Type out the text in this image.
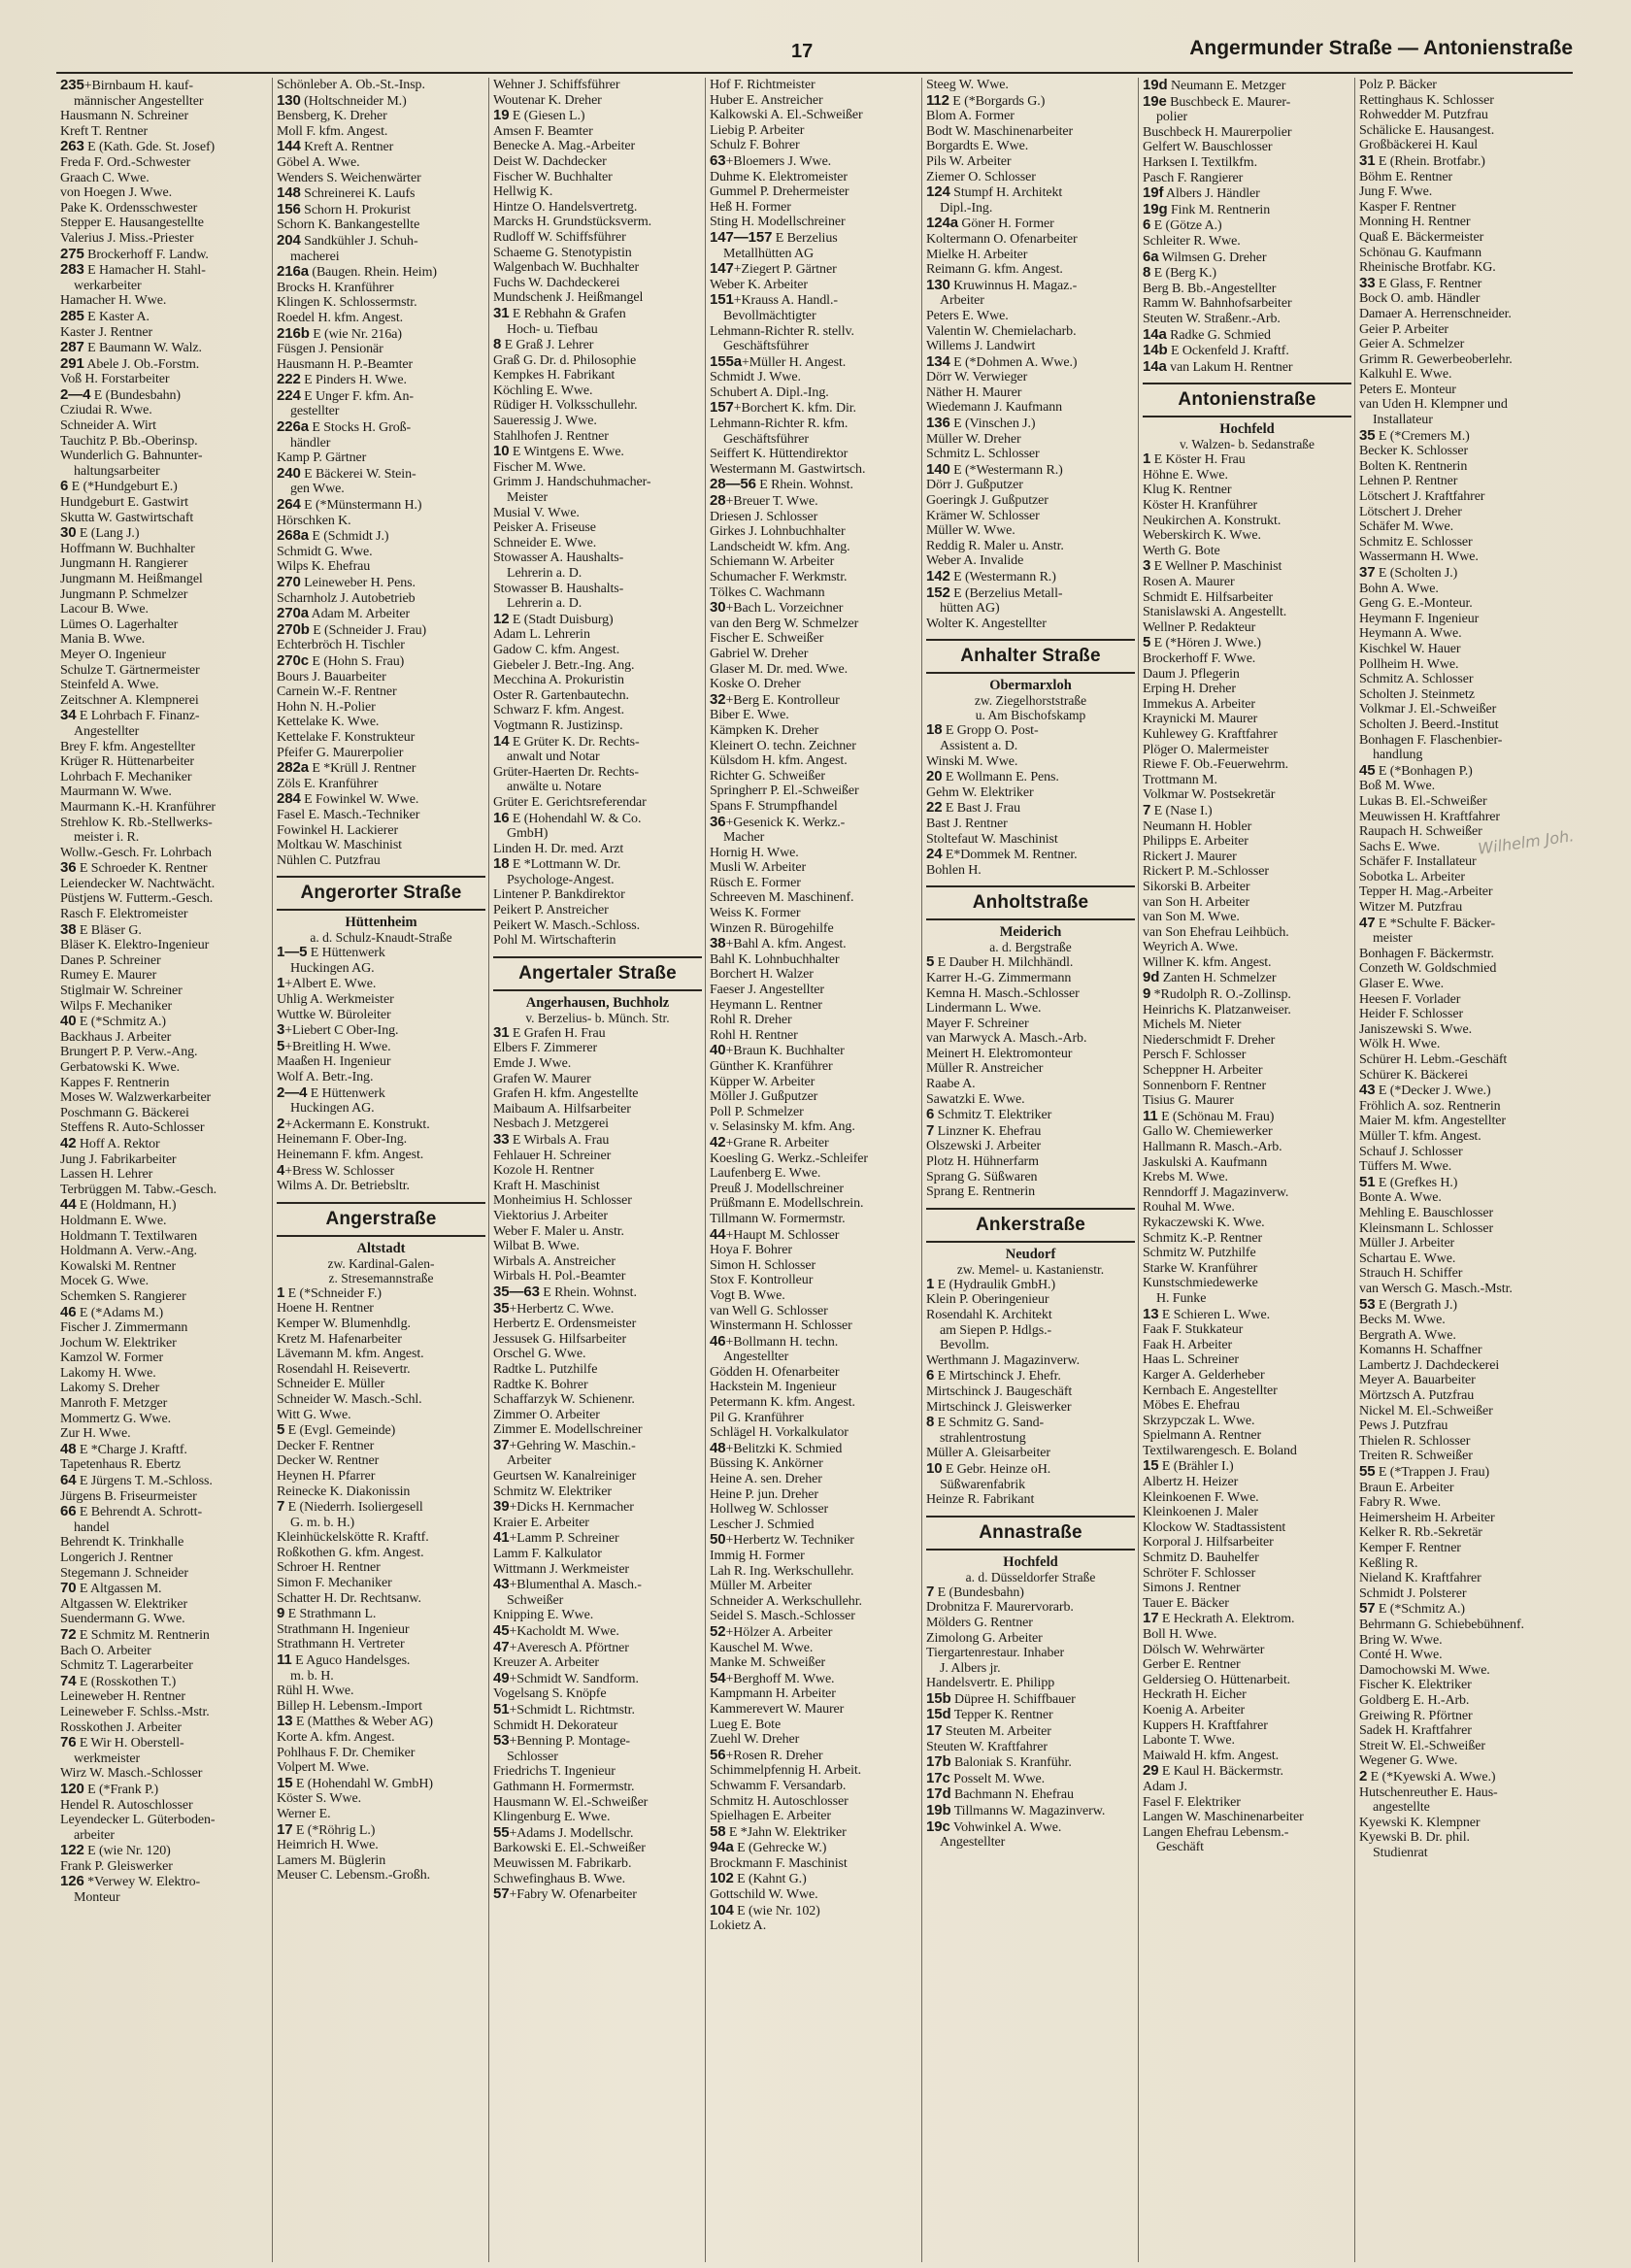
17	Angermunder Straße — Antonienstraße
235+Birnbaum H. kauf-
männischer Angestellter
Hausmann N. Schreiner
Kreft T. Rentner
263 E (Kath. Gde. St. Josef)
Freda F. Ord.-Schwester
Graach C. Wwe.
von Hoegen J. Wwe.
Pake K. Ordensschwester
Stepper E. Hausangestellte
Valerius J. Miss.-Priester
275 Brockerhoff F. Landw.
283 E Hamacher H. Stahl-
werkarbeiter
Hamacher H. Wwe.
285 E Kaster A.
Kaster J. Rentner
287 E Baumann W. Walz.
291 Abele J. Ob.-Forstm.
Voß H. Forstarbeiter
2—4 E (Bundesbahn)
Cziudai R. Wwe.
Schneider A. Wirt
Tauchitz P. Bb.-Oberinsp.
Wunderlich G. Bahnunter-
haltungsarbeiter
6 E (*Hundgeburt E.)
Hundgeburt E. Gastwirt
Skutta W. Gastwirtschaft
30 E (Lang J.)
Hoffmann W. Buchhalter
Jungmann H. Rangierer
Jungmann M. Heißmangel
Jungmann P. Schmelzer
Lacour B. Wwe.
Lümes O. Lagerhalter
Mania B. Wwe.
Meyer O. Ingenieur
Schulze T. Gärtnermeister
Steinfeld A. Wwe.
Zeitschner A. Klempnerei
34 E Lohrbach F. Finanz-
Angestellter
Brey F. kfm. Angestellter
Krüger R. Hüttenarbeiter
Lohrbach F. Mechaniker
Maurmann W. Wwe.
Maurmann K.-H. Kranführer
Strehlow K. Rb.-Stellwerks-
meister i. R.
Wollw.-Gesch. Fr. Lohrbach
36 E Schroeder K. Rentner
Leiendecker W. Nachtwächt.
Püstjens W. Futterm.-Gesch.
Rasch F. Elektromeister
38 E Bläser G.
Bläser K. Elektro-Ingenieur
Danes P. Schreiner
Rumey E. Maurer
Stiglmair W. Schreiner
Wilps F. Mechaniker
40 E (*Schmitz A.)
Backhaus J. Arbeiter
Brungert P. P. Verw.-Ang.
Gerbatowski K. Wwe.
Kappes F. Rentnerin
Moses W. Walzwerkarbeiter
Poschmann G. Bäckerei
Steffens R. Auto-Schlosser
42 Hoff A. Rektor
Jung J. Fabrikarbeiter
Lassen H. Lehrer
Terbrüggen M. Tabw.-Gesch.
44 E (Holdmann, H.)
Holdmann E. Wwe.
Holdmann T. Textilwaren
Holdmann A. Verw.-Ang.
Kowalski M. Rentner
Mocek G. Wwe.
Schemken S. Rangierer
46 E (*Adams M.)
Fischer J. Zimmermann
Jochum W. Elektriker
Kamzol W. Former
Lakomy H. Wwe.
Lakomy S. Dreher
Manroth F. Metzger
Mommertz G. Wwe.
Zur H. Wwe.
48 E *Charge J. Kraftf.
Tapetenhaus R. Ebertz
64 E Jürgens T. M.-Schloss.
Jürgens B. Friseurmeister
66 E Behrendt A. Schrott-
handel
Behrendt K. Trinkhalle
Longerich J. Rentner
Stegemann J. Schneider
70 E Altgassen M.
Altgassen W. Elektriker
Suendermann G. Wwe.
72 E Schmitz M. Rentnerin
Bach O. Arbeiter
Schmitz T. Lagerarbeiter
74 E (Rosskothen T.)
Leineweber H. Rentner
Leineweber F. Schlss.-Mstr.
Rosskothen J. Arbeiter
76 E Wir H. Oberstell-
werkmeister
Wirz W. Masch.-Schlosser
120 E (*Frank P.)
Hendel R. Autoschlosser
Leyendecker L. Güterboden-
arbeiter
122 E (wie Nr. 120)
Frank P. Gleiswerker
126 *Verwey W. Elektro-
Monteur
Schönleber A. Ob.-St.-Insp.
130 (Holtschneider M.)
Bensberg, K. Dreher
Moll F. kfm. Angest.
144 Kreft A. Rentner
Göbel A. Wwe.
Wenders S. Weichenwärter
148 Schreinerei K. Laufs
156 Schorn H. Prokurist
Schorn K. Bankangestellte
204 Sandkühler J. Schuh-
macherei
216a (Baugen. Rhein. Heim)
Brocks H. Kranführer
Klingen K. Schlossermstr.
Roedel H. kfm. Angest.
216b E (wie Nr. 216a)
Füsgen J. Pensionär
Hausmann H. P.-Beamter
222 E Pinders H. Wwe.
224 E Unger F. kfm. An-
gestellter
226a E Stocks H. Groß-
händler
Kamp P. Gärtner
240 E Bäckerei W. Stein-
gen Wwe.
264 E (*Münstermann H.)
Hörschken K.
268a E (Schmidt J.)
Schmidt G. Wwe.
Wilps K. Ehefrau
270 Leineweber H. Pens.
Scharnholz J. Autobetrieb
270a Adam M. Arbeiter
270b E (Schneider J. Frau)
Echterbröch H. Tischler
270c E (Hohn S. Frau)
Bours J. Bauarbeiter
Carnein W.-F. Rentner
Hohn N. H.-Polier
Kettelake K. Wwe.
Kettelake F. Konstrukteur
Pfeifer G. Maurerpolier
282a E *Krüll J. Rentner
Zöls E. Kranführer
284 E Fowinkel W. Wwe.
Fasel E. Masch.-Techniker
Fowinkel H. Lackierer
Moltkau W. Maschinist
Nühlen C. Putzfrau
Angerorter Straße
Hüttenheim
a. d. Schulz-Knaudt-Straße
1—5 E Hüttenwerk
Huckingen AG.
1+Albert E. Wwe.
Uhlig A. Werkmeister
Wuttke W. Büroleiter
3+Liebert C Ober-Ing.
5+Breitling H. Wwe.
Maaßen H. Ingenieur
Wolf A. Betr.-Ing.
2—4 E Hüttenwerk
Huckingen AG.
2+Ackermann E. Konstrukt.
Heinemann F. Ober-Ing.
Heinemann F. kfm. Angest.
4+Bress W. Schlosser
Wilms A. Dr. Betriebsltr.
Angerstraße
Altstadt
zw. Kardinal-Galen-
z. Stresemannstraße
1 E (*Schneider F.)
Hoene H. Rentner
Kemper W. Blumenhdlg.
Kretz M. Hafenarbeiter
Lävemann M. kfm. Angest.
Rosendahl H. Reisevertr.
Schneider E. Müller
Schneider W. Masch.-Schl.
Witt G. Wwe.
5 E (Evgl. Gemeinde)
Decker F. Rentner
Decker W. Rentner
Heynen H. Pfarrer
Reinecke K. Diakonissin
7 E (Niederrh. Isoliergesell
G. m. b. H.)
Kleinhückelskötte R. Kraftf.
Roßkothen G. kfm. Angest.
Schroer H. Rentner
Simon F. Mechaniker
Schatter H. Dr. Rechtsanw.
9 E Strathmann L.
Strathmann H. Ingenieur
Strathmann H. Vertreter
11 E Aguco Handelsges.
m. b. H.
Rühl H. Wwe.
Billep H. Lebensm.-Import
13 E (Matthes & Weber AG)
Korte A. kfm. Angest.
Pohlhaus F. Dr. Chemiker
Volpert M. Wwe.
15 E (Hohendahl W. GmbH)
Köster S. Wwe.
Werner E.
17 E (*Röhrig L.)
Heimrich H. Wwe.
Lamers M. Büglerin
Meuser C. Lebensm.-Großh.
Wehner J. Schiffsführer
Woutenar K. Dreher
19 E (Giesen L.)
Amsen F. Beamter
Benecke A. Mag.-Arbeiter
Deist W. Dachdecker
Fischer W. Buchhalter
Hellwig K.
Hintze O. Handelsvertretg.
Marcks H. Grundstücksverm.
Rudloff W. Schiffsführer
Schaeme G. Stenotypistin
Walgenbach W. Buchhalter
Fuchs W. Dachdeckerei
Mundschenk J. Heißmangel
31 E Rebhahn & Grafen
Hoch- u. Tiefbau
8 E Graß J. Lehrer
Graß G. Dr. d. Philosophie
Kempkes H. Fabrikant
Köchling E. Wwe.
Rüdiger H. Volksschullehr.
Saueressig J. Wwe.
Stahlhofen J. Rentner
10 E Wintgens E. Wwe.
Fischer M. Wwe.
Grimm J. Handschuhmacher-
Meister
Musial V. Wwe.
Peisker A. Friseuse
Schneider E. Wwe.
Stowasser A. Haushalts-
Lehrerin a. D.
Stowasser B. Haushalts-
Lehrerin a. D.
12 E (Stadt Duisburg)
Adam L. Lehrerin
Gadow C. kfm. Angest.
Giebeler J. Betr.-Ing. Ang.
Mecchina A. Prokuristin
Oster R. Gartenbautechn.
Schwarz F. kfm. Angest.
Vogtmann R. Justizinsp.
14 E Grüter K. Dr. Rechts-
anwalt und Notar
Grüter-Haerten Dr. Rechts-
anwälte u. Notare
Grüter E. Gerichtsreferendar
16 E (Hohendahl W. & Co.
GmbH)
Linden H. Dr. med. Arzt
18 E *Lottmann W. Dr.
Psychologe-Angest.
Lintener P. Bankdirektor
Peikert P. Anstreicher
Peikert W. Masch.-Schloss.
Pohl M. Wirtschafterin
Angertaler Straße
Angerhausen, Buchholz
v. Berzelius- b. Münch. Str.
31 E Grafen H. Frau
Elbers F. Zimmerer
Emde J. Wwe.
Grafen W. Maurer
Grafen H. kfm. Angestellte
Maibaum A. Hilfsarbeiter
Nesbach J. Metzgerei
33 E Wirbals A. Frau
Fehlauer H. Schreiner
Kozole H. Rentner
Kraft H. Maschinist
Monheimius H. Schlosser
Viektorius J. Arbeiter
Weber F. Maler u. Anstr.
Wilbat B. Wwe.
Wirbals A. Anstreicher
Wirbals H. Pol.-Beamter
35—63 E Rhein. Wohnst.
35+Herbertz C. Wwe.
Herbertz E. Ordensmeister
Jessusek G. Hilfsarbeiter
Orschel G. Wwe.
Radtke L. Putzhilfe
Radtke K. Bohrer
Schaffarzyk W. Schienenr.
Zimmer O. Arbeiter
Zimmer E. Modellschreiner
37+Gehring W. Maschin.-
Arbeiter
Geurtsen W. Kanalreiniger
Schmitz W. Elektriker
39+Dicks H. Kernmacher
Kraier E. Arbeiter
41+Lamm P. Schreiner
Lamm F. Kalkulator
Wittmann J. Werkmeister
43+Blumenthal A. Masch.-
Schweißer
Knipping E. Wwe.
45+Kacholdt M. Wwe.
47+Averesch A. Pförtner
Kreuzer A. Arbeiter
49+Schmidt W. Sandform.
Vogelsang S. Knöpfe
51+Schmidt L. Richtmstr.
Schmidt H. Dekorateur
53+Benning P. Montage-
Schlosser
Friedrichs T. Ingenieur
Gathmann H. Formermstr.
Hausmann W. El.-Schweißer
Klingenburg E. Wwe.
55+Adams J. Modellschr.
Barkowski E. El.-Schweißer
Meuwissen M. Fabrikarb.
Schwefinghaus B. Wwe.
57+Fabry W. Ofenarbeiter
Hof F. Richtmeister
Huber E. Anstreicher
Kalkowski A. El.-Schweißer
Liebig P. Arbeiter
Schulz F. Bohrer
63+Bloemers J. Wwe.
Duhme K. Elektromeister
Gummel P. Drehermeister
Heß H. Former
Sting H. Modellschreiner
147—157 E Berzelius
Metallhütten AG
147+Ziegert P. Gärtner
Weber K. Arbeiter
151+Krauss A. Handl.-
Bevollmächtigter
Lehmann-Richter R. stellv.
Geschäftsführer
155a+Müller H. Angest.
Schmidt J. Wwe.
Schubert A. Dipl.-Ing.
157+Borchert K. kfm. Dir.
Lehmann-Richter R. kfm.
Geschäftsführer
Seiffert K. Hüttendirektor
Westermann M. Gastwirtsch.
28—56 E Rhein. Wohnst.
28+Breuer T. Wwe.
Driesen J. Schlosser
Girkes J. Lohnbuchhalter
Landscheidt W. kfm. Ang.
Schiemann W. Arbeiter
Schumacher F. Werkmstr.
Tölkes C. Wachmann
30+Bach L. Vorzeichner
van den Berg W. Schmelzer
Fischer E. Schweißer
Gabriel W. Dreher
Glaser M. Dr. med. Wwe.
Koske O. Dreher
32+Berg E. Kontrolleur
Biber E. Wwe.
Kämpken K. Dreher
Kleinert O. techn. Zeichner
Külsdom H. kfm. Angest.
Richter G. Schweißer
Springherr P. El.-Schweißer
Spans F. Strumpfhandel
36+Gesenick K. Werkz.-
Macher
Hornig H. Wwe.
Musli W. Arbeiter
Rüsch E. Former
Schreeven M. Maschinenf.
Weiss K. Former
Winzen R. Bürogehilfe
38+Bahl A. kfm. Angest.
Bahl K. Lohnbuchhalter
Borchert H. Walzer
Faeser J. Angestellter
Heymann L. Rentner
Rohl R. Dreher
Rohl H. Rentner
40+Braun K. Buchhalter
Günther K. Kranführer
Küpper W. Arbeiter
Möller J. Gußputzer
Poll P. Schmelzer
v. Selasinsky M. kfm. Ang.
42+Grane R. Arbeiter
Koesling G. Werkz.-Schleifer
Laufenberg E. Wwe.
Preuß J. Modellschreiner
Prüßmann E. Modellschrein.
Tillmann W. Formermstr.
44+Haupt M. Schlosser
Hoya F. Bohrer
Simon H. Schlosser
Stox F. Kontrolleur
Vogt B. Wwe.
van Well G. Schlosser
Winstermann H. Schlosser
46+Bollmann H. techn.
Angestellter
Gödden H. Ofenarbeiter
Hackstein M. Ingenieur
Petermann K. kfm. Angest.
Pil G. Kranführer
Schlägel H. Vorkalkulator
48+Belitzki K. Schmied
Büssing K. Ankörner
Heine A. sen. Dreher
Heine P. jun. Dreher
Hollweg W. Schlosser
Lescher J. Schmied
50+Herbertz W. Techniker
Immig H. Former
Lah R. Ing. Werkschullehr.
Müller M. Arbeiter
Schneider A. Werkschullehr.
Seidel S. Masch.-Schlosser
52+Hölzer A. Arbeiter
Kauschel M. Wwe.
Manke M. Schweißer
54+Berghoff M. Wwe.
Kampmann H. Arbeiter
Kammerevert W. Maurer
Lueg E. Bote
Zuehl W. Dreher
56+Rosen R. Dreher
Schimmelpfennig H. Arbeit.
Schwamm F. Versandarb.
Schmitz H. Autoschlosser
Spielhagen E. Arbeiter
58 E *Jahn W. Elektriker
94a E (Gehrecke W.)
Brockmann F. Maschinist
102 E (Kahnt G.)
Gottschild W. Wwe.
104 E (wie Nr. 102)
Lokietz A.
Steeg W. Wwe.
112 E (*Borgards G.)
Blom A. Former
Bodt W. Maschinenarbeiter
Borgardts E. Wwe.
Pils W. Arbeiter
Ziemer O. Schlosser
124 Stumpf H. Architekt
Dipl.-Ing.
124a Göner H. Former
Koltermann O. Ofenarbeiter
Mielke H. Arbeiter
Reimann G. kfm. Angest.
130 Kruwinnus H. Magaz.-
Arbeiter
Peters E. Wwe.
Valentin W. Chemielacharb.
Willems J. Landwirt
134 E (*Dohmen A. Wwe.)
Dörr W. Verwieger
Näther H. Maurer
Wiedemann J. Kaufmann
136 E (Vinschen J.)
Müller W. Dreher
Schmitz L. Schlosser
140 E (*Westermann R.)
Dörr J. Gußputzer
Goeringk J. Gußputzer
Krämer W. Schlosser
Müller W. Wwe.
Reddig R. Maler u. Anstr.
Weber A. Invalide
142 E (Westermann R.)
152 E (Berzelius Metall-
hütten AG)
Wolter K. Angestellter
Anhalter Straße
Obermarxloh
zw. Ziegelhorststraße
u. Am Bischofskamp
18 E Gropp O. Post-
Assistent a. D.
Winski M. Wwe.
20 E Wollmann E. Pens.
Gehm W. Elektriker
22 E Bast J. Frau
Bast J. Rentner
Stoltefaut W. Maschinist
24 E*Dommek M. Rentner.
Bohlen H.
Anholtstraße
Meiderich
a. d. Bergstraße
5 E Dauber H. Milchhändl.
Karrer H.-G. Zimmermann
Kemna H. Masch.-Schlosser
Lindermann L. Wwe.
Mayer F. Schreiner
van Marwyck A. Masch.-Arb.
Meinert H. Elektromonteur
Müller R. Anstreicher
Raabe A.
Sawatzki E. Wwe.
6 Schmitz T. Elektriker
7 Linzner K. Ehefrau
Olszewski J. Arbeiter
Plotz H. Hühnerfarm
Sprang G. Süßwaren
Sprang E. Rentnerin
Ankerstraße
Neudorf
zw. Memel- u. Kastanienstr.
1 E (Hydraulik GmbH.)
Klein P. Oberingenieur
Rosendahl K. Architekt
am Siepen P. Hdlgs.-
Bevollm.
Werthmann J. Magazinverw.
6 E Mirtschinck J. Ehefr.
Mirtschinck J. Baugeschäft
Mirtschinck J. Gleiswerker
8 E Schmitz G. Sand-
strahlentrostung
Müller A. Gleisarbeiter
10 E Gebr. Heinze oH.
Süßwarenfabrik
Heinze R. Fabrikant
Annastraße
Hochfeld
a. d. Düsseldorfer Straße
7 E (Bundesbahn)
Drobnitza F. Maurervorarb.
Mölders G. Rentner
Zimolong G. Arbeiter
Tiergartenrestaur. Inhaber
J. Albers jr.
Handelsvertr. E. Philipp
15b Düpree H. Schiffbauer
15d Tepper K. Rentner
17 Steuten M. Arbeiter
Steuten W. Kraftfahrer
17b Baloniak S. Kranführ.
17c Posselt M. Wwe.
17d Bachmann N. Ehefrau
19b Tillmanns W. Magazinverw.
19c Vohwinkel A. Wwe.
Angestellter
19d Neumann E. Metzger
19e Buschbeck E. Maurer-
polier
Buschbeck H. Maurerpolier
Gelfert W. Bauschlosser
Harksen I. Textilkfm.
Pasch F. Rangierer
19f Albers J. Händler
19g Fink M. Rentnerin
6 E (Götze A.)
Schleiter R. Wwe.
6a Wilmsen G. Dreher
8 E (Berg K.)
Berg B. Bb.-Angestellter
Ramm W. Bahnhofsarbeiter
Steuten W. Straßenr.-Arb.
14a Radke G. Schmied
14b E Ockenfeld J. Kraftf.
14a van Lakum H. Rentner
Antonienstraße
Hochfeld
v. Walzen- b. Sedanstraße
1 E Köster H. Frau
Höhne E. Wwe.
Klug K. Rentner
Köster H. Kranführer
Neukirchen A. Konstrukt.
Weberskirch K. Wwe.
Werth G. Bote
3 E Wellner P. Maschinist
Rosen A. Maurer
Schmidt E. Hilfsarbeiter
Stanislawski A. Angestellt.
Wellner P. Redakteur
5 E (*Hören J. Wwe.)
Brockerhoff F. Wwe.
Daum J. Pflegerin
Erping H. Dreher
Immekus A. Arbeiter
Kraynicki M. Maurer
Kuhlewey G. Kraftfahrer
Plöger O. Malermeister
Riewe F. Ob.-Feuerwehrm.
Trottmann M.
Volkmar W. Postsekretär
7 E (Nase I.)
Neumann H. Hobler
Philipps E. Arbeiter
Rickert J. Maurer
Rickert P. M.-Schlosser
Sikorski B. Arbeiter
van Son H. Arbeiter
van Son M. Wwe.
van Son Ehefrau Leihbüch.
Weyrich A. Wwe.
Willner K. kfm. Angest.
9d Zanten H. Schmelzer
9 *Rudolph R. O.-Zollinsp.
Heinrichs K. Platzanweiser.
Michels M. Nieter
Niederschmidt F. Dreher
Persch F. Schlosser
Scheppner H. Arbeiter
Sonnenborn F. Rentner
Tisius G. Maurer
11 E (Schönau M. Frau)
Gallo W. Chemiewerker
Hallmann R. Masch.-Arb.
Jaskulski A. Kaufmann
Krebs M. Wwe.
Renndorff J. Magazinverw.
Rouhal M. Wwe.
Rykaczewski K. Wwe.
Schmitz K.-P. Rentner
Schmitz W. Putzhilfe
Starke W. Kranführer
Kunstschmiedewerke
H. Funke
13 E Schieren L. Wwe.
Faak F. Stukkateur
Faak H. Arbeiter
Haas L. Schreiner
Karger A. Gelderheber
Kernbach E. Angestellter
Möbes E. Ehefrau
Skrzypczak L. Wwe.
Spielmann A. Rentner
Textilwarengesch. E. Boland
15 E (Brähler I.)
Albertz H. Heizer
Kleinkoenen F. Wwe.
Kleinkoenen J. Maler
Klockow W. Stadtassistent
Korporal J. Hilfsarbeiter
Schmitz D. Bauhelfer
Schröter F. Schlosser
Simons J. Rentner
Tauer E. Bäcker
17 E Heckrath A. Elektrom.
Boll H. Wwe.
Dölsch W. Wehrwärter
Gerber E. Rentner
Geldersieg O. Hüttenarbeit.
Heckrath H. Eicher
Koenig A. Arbeiter
Kuppers H. Kraftfahrer
Labonte T. Wwe.
Maiwald H. kfm. Angest.
29 E Kaul H. Bäckermstr.
Adam J.
Fasel F. Elektriker
Langen W. Maschinenarbeiter
Langen Ehefrau Lebensm.-
Geschäft
Polz P. Bäcker
Rettinghaus K. Schlosser
Rohwedder M. Putzfrau
Schälicke E. Hausangest.
Großbäckerei H. Kaul
31 E (Rhein. Brotfabr.)
Böhm E. Rentner
Jung F. Wwe.
Kasper F. Rentner
Monning H. Rentner
Quaß E. Bäckermeister
Schönau G. Kaufmann
Rheinische Brotfabr. KG.
33 E Glass, F. Rentner
Bock O. amb. Händler
Damaer A. Herrenschneider.
Geier P. Arbeiter
Geier A. Schmelzer
Grimm R. Gewerbeoberlehr.
Kalkuhl E. Wwe.
Peters E. Monteur
van Uden H. Klempner und
Installateur
35 E (*Cremers M.)
Becker K. Schlosser
Bolten K. Rentnerin
Lehnen P. Rentner
Lötschert J. Kraftfahrer
Lötschert J. Dreher
Schäfer M. Wwe.
Schmitz E. Schlosser
Wassermann H. Wwe.
37 E (Scholten J.)
Bohn A. Wwe.
Geng G. E.-Monteur.
Heymann F. Ingenieur
Heymann A. Wwe.
Kischkel W. Hauer
Pollheim H. Wwe.
Schmitz A. Schlosser
Scholten J. Steinmetz
Volkmar J. El.-Schweißer
Scholten J. Beerd.-Institut
Bonhagen F. Flaschenbier-
handlung
45 E (*Bonhagen P.)
Boß M. Wwe.
Lukas B. El.-Schweißer
Meuwissen H. Kraftfahrer
Raupach H. Schweißer
Sachs E. Wwe.
Schäfer F. Installateur
Sobotka L. Arbeiter
Tepper H. Mag.-Arbeiter
Witzer M. Putzfrau
47 E *Schulte F. Bäcker-
meister
Bonhagen F. Bäckermstr.
Conzeth W. Goldschmied
Glaser E. Wwe.
Heesen F. Vorlader
Heider F. Schlosser
Janiszewski S. Wwe.
Wölk H. Wwe.
Schürer H. Lebm.-Geschäft
Schürer K. Bäckerei
43 E (*Decker J. Wwe.)
Fröhlich A. soz. Rentnerin
Maier M. kfm. Angestellter
Müller T. kfm. Angest.
Schauf J. Schlosser
Tüffers M. Wwe.
51 E (Grefkes H.)
Bonte A. Wwe.
Mehling E. Bauschlosser
Kleinsmann L. Schlosser
Müller J. Arbeiter
Schartau E. Wwe.
Strauch H. Schiffer
van Wersch G. Masch.-Mstr.
53 E (Bergrath J.)
Becks M. Wwe.
Bergrath A. Wwe.
Komanns H. Schaffner
Lambertz J. Dachdeckerei
Meyer A. Bauarbeiter
Mörtzsch A. Putzfrau
Nickel M. El.-Schweißer
Pews J. Putzfrau
Thielen R. Schlosser
Treiten R. Schweißer
55 E (*Trappen J. Frau)
Braun E. Arbeiter
Fabry R. Wwe.
Heimersheim H. Arbeiter
Kelker R. Rb.-Sekretär
Kemper F. Rentner
Keßling R.
Nieland K. Kraftfahrer
Schmidt J. Polsterer
57 E (*Schmitz A.)
Behrmann G. Schiebebühnenf.
Bring W. Wwe.
Conté H. Wwe.
Damochowski M. Wwe.
Fischer K. Elektriker
Goldberg E. H.-Arb.
Greiwing R. Pförtner
Sadek H. Kraftfahrer
Streit W. El.-Schweißer
Wegener G. Wwe.
2 E (*Kyewski A. Wwe.)
Hutschenreuther E. Haus-
angestellte
Kyewski K. Klempner
Kyewski B. Dr. phil.
Studienrat
Wilhelm Joh.
